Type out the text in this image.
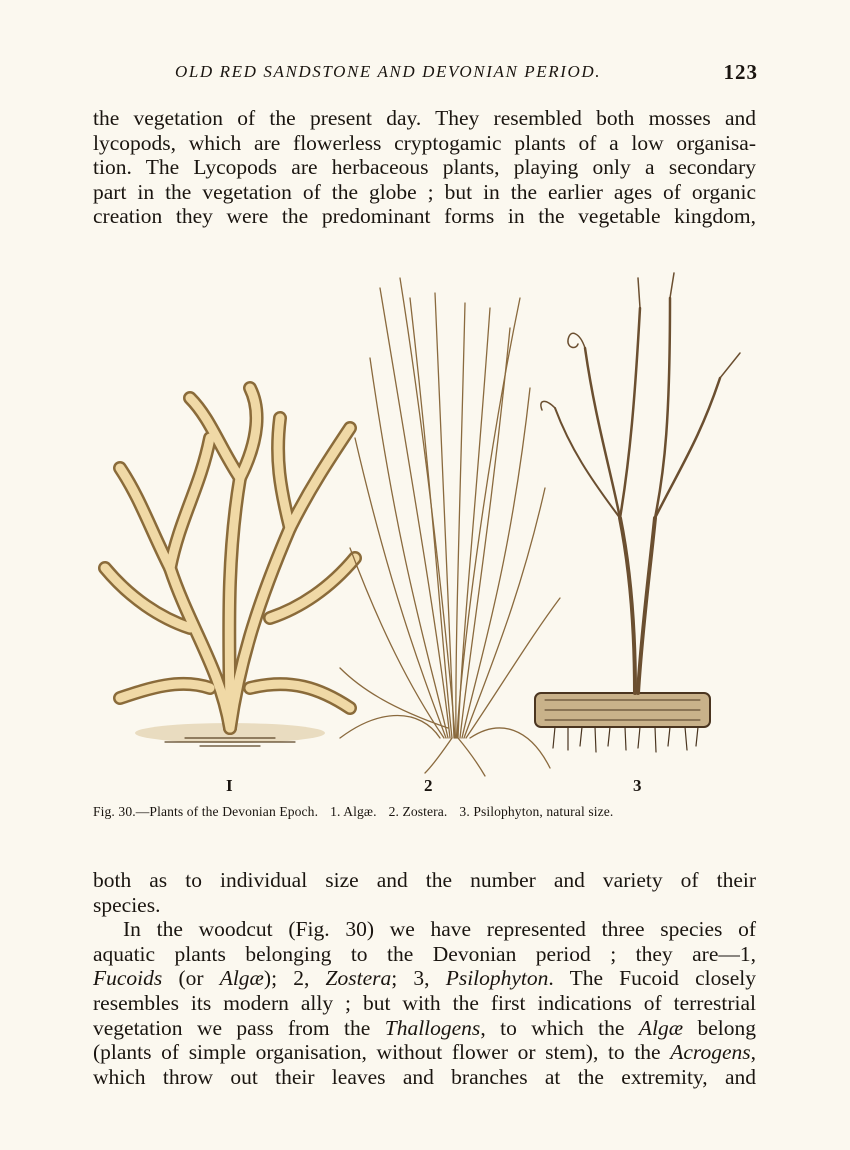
OLD RED SANDSTONE AND DEVONIAN PERIOD.	123
the vegetation of the present day. They resembled both mosses and
lycopods, which are flowerless cryptogamic plants of a low organisa-
tion. The Lycopods are herbaceous plants, playing only a secondary
part in the vegetation of the globe ; but in the earlier ages of organic
creation they were the predominant forms in the vegetable kingdom,
I	2	3
Fig. 30.—Plants of the Devonian Epoch. 1. Algæ. 2. Zostera. 3. Psilophyton, natural size.
both as to individual size and the number and variety of their
species.
In the woodcut (Fig. 30) we have represented three species of
aquatic plants belonging to the Devonian period ; they are—1,
Fucoids (or Algæ); 2, Zostera; 3, Psilophyton. The Fucoid closely
resembles its modern ally ; but with the first indications of terrestrial
vegetation we pass from the Thallogens, to which the Algæ belong
(plants of simple organisation, without flower or stem), to the Acrogens,
which throw out their leaves and branches at the extremity, and
